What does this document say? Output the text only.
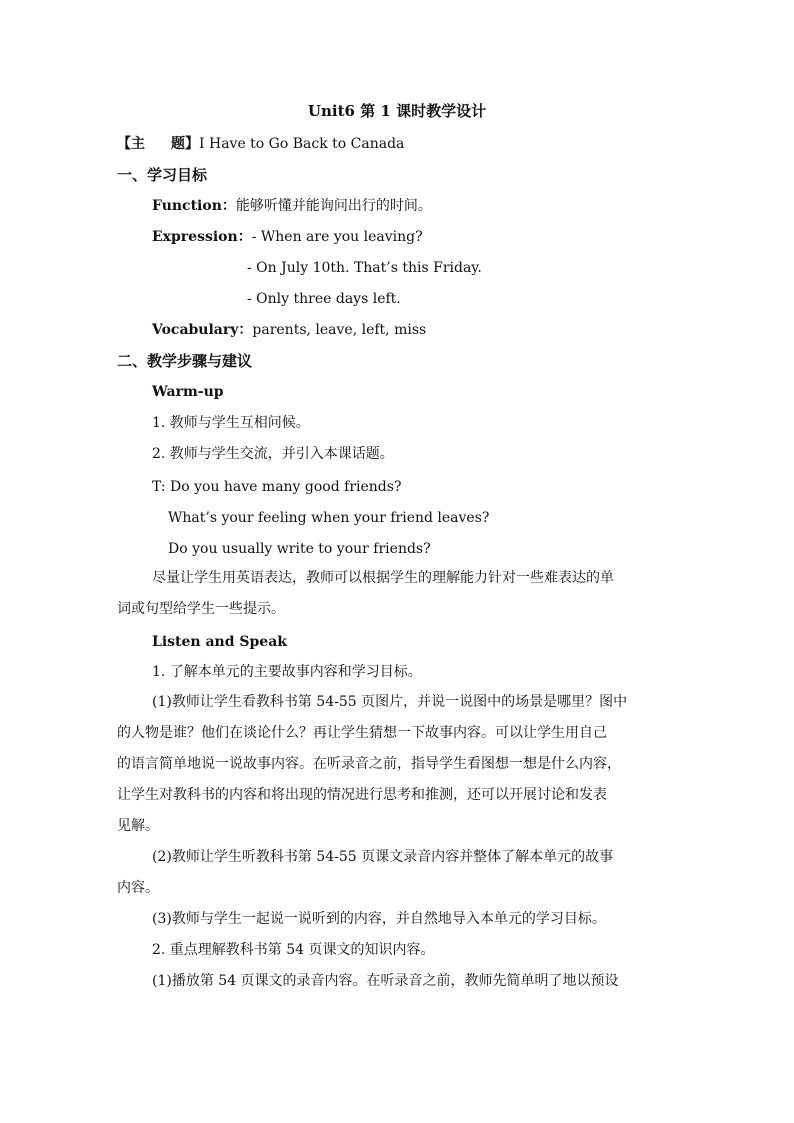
Unit6 第 1 课时教学设计
【主 题】I Have to Go Back to Canada
一、学习目标
Function：能够听懂并能询问出行的时间。
Expression：- When are you leaving?
- On July 10th. That’s this Friday.
- Only three days left.
Vocabulary：parents, leave, left, miss
二、教学步骤与建议
Warm-up
1. 教师与学生互相问候。
2. 教师与学生交流，并引入本课话题。
T: Do you have many good friends?
What’s your feeling when your friend leaves?
Do you usually write to your friends?
尽量让学生用英语表达，教师可以根据学生的理解能力针对一些难表达的单
词或句型给学生一些提示。
Listen and Speak
1. 了解本单元的主要故事内容和学习目标。
(1)教师让学生看教科书第 54-55 页图片，并说一说图中的场景是哪里？图中
的人物是谁？他们在谈论什么？再让学生猜想一下故事内容。可以让学生用自己
的语言简单地说一说故事内容。在听录音之前，指导学生看图想一想是什么内容，
让学生对教科书的内容和将出现的情况进行思考和推测，还可以开展讨论和发表
见解。
(2)教师让学生听教科书第 54-55 页课文录音内容并整体了解本单元的故事
内容。
(3)教师与学生一起说一说听到的内容，并自然地导入本单元的学习目标。
2. 重点理解教科书第 54 页课文的知识内容。
(1)播放第 54 页课文的录音内容。在听录音之前，教师先简单明了地以预设
